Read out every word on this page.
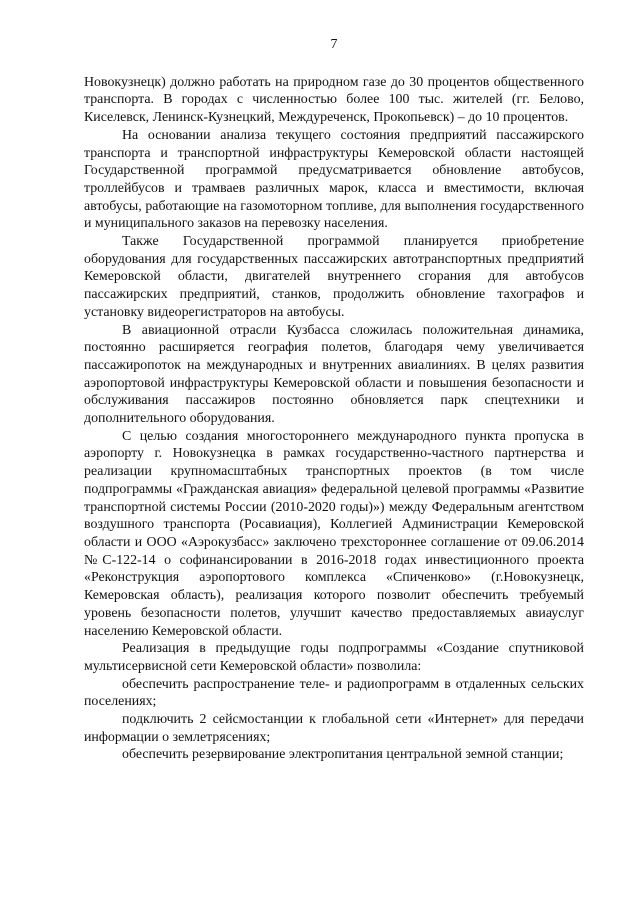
7

Новокузнецк) должно работать на природном газе до 30 процентов общественного транспорта. В городах с численностью более 100 тыс. жителей (гг. Белово, Киселевск, Ленинск-Кузнецкий, Междуреченск, Прокопьевск) – до 10 процентов.

На основании анализа текущего состояния предприятий пассажирского транспорта и транспортной инфраструктуры Кемеровской области настоящей Государственной программой предусматривается обновление автобусов, троллейбусов и трамваев различных марок, класса и вместимости, включая автобусы, работающие на газомоторном топливе, для выполнения государственного и муниципального заказов на перевозку населения.

Также Государственной программой планируется приобретение оборудования для государственных пассажирских автотранспортных предприятий Кемеровской области, двигателей внутреннего сгорания для автобусов пассажирских предприятий, станков, продолжить обновление тахографов и установку видеорегистраторов на автобусы.

В авиационной отрасли Кузбасса сложилась положительная динамика, постоянно расширяется география полетов, благодаря чему увеличивается пассажиропоток на международных и внутренних авиалиниях. В целях развития аэропортовой инфраструктуры Кемеровской области и повышения безопасности и обслуживания пассажиров постоянно обновляется парк спецтехники и дополнительного оборудования.

С целью создания многостороннего международного пункта пропуска в аэропорту г. Новокузнецка в рамках государственно-частного партнерства и реализации крупномасштабных транспортных проектов (в том числе подпрограммы «Гражданская авиация» федеральной целевой программы «Развитие транспортной системы России (2010-2020 годы)») между Федеральным агентством воздушного транспорта (Росавиация), Коллегией Администрации Кемеровской области и ООО «Аэрокузбасс» заключено трехстороннее соглашение от 09.06.2014 №С-122-14 о софинансировании в 2016-2018 годах инвестиционного проекта «Реконструкция аэропортового комплекса «Спиченково» (г.Новокузнецк, Кемеровская область), реализация которого позволит обеспечить требуемый уровень безопасности полетов, улучшит качество предоставляемых авиауслуг населению Кемеровской области.

Реализация в предыдущие годы подпрограммы «Создание спутниковой мультисервисной сети Кемеровской области» позволила:

обеспечить распространение теле- и радиопрограмм в отдаленных сельских поселениях;

подключить 2 сейсмостанции к глобальной сети «Интернет» для передачи информации о землетрясениях;

обеспечить резервирование электропитания центральной земной станции;
